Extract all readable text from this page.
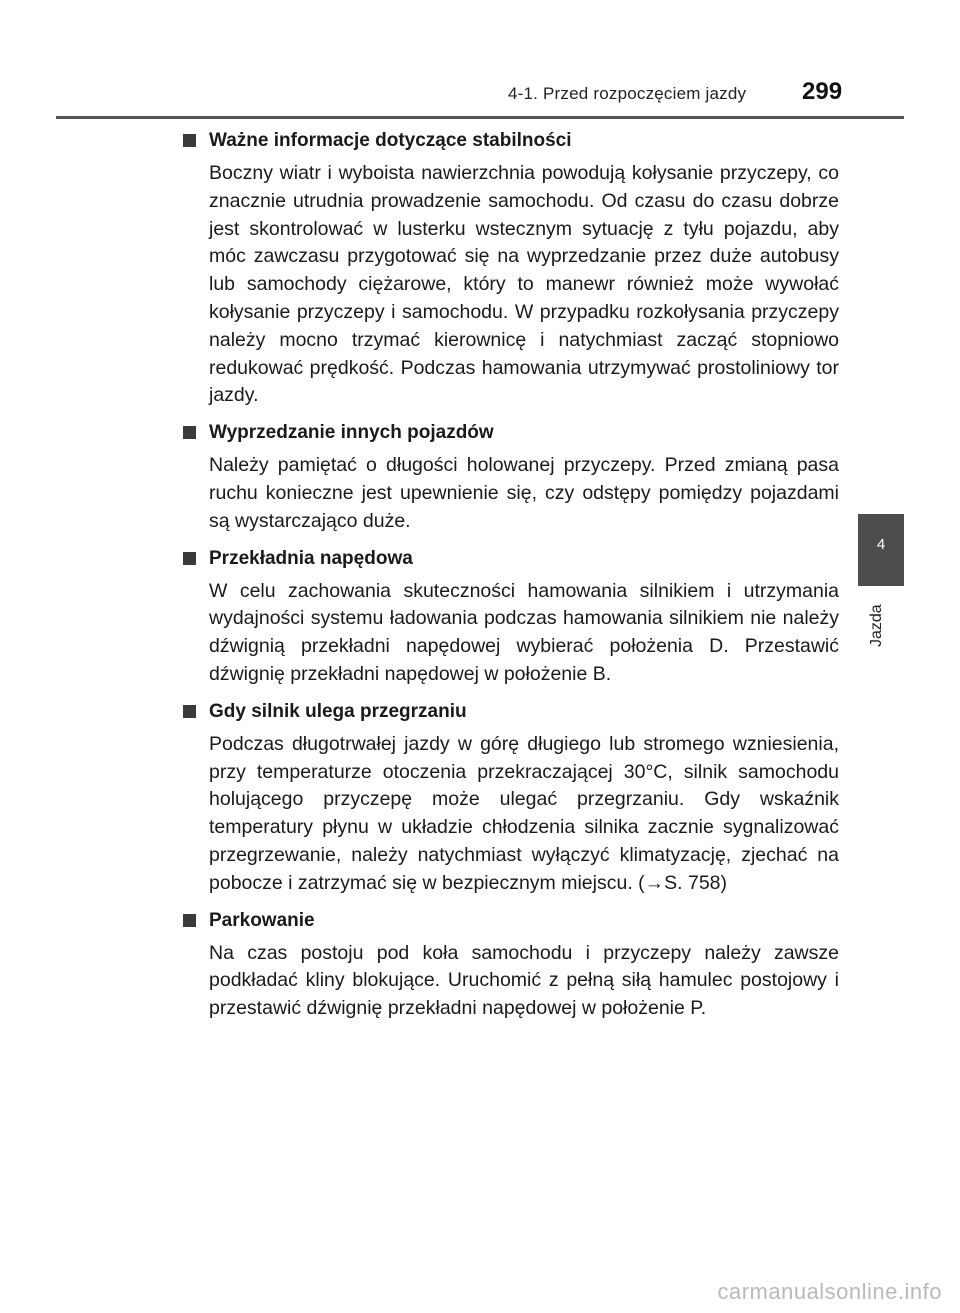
4-1. Przed rozpoczęciem jazdy 299
4
Jazda
Ważne informacje dotyczące stabilności
Boczny wiatr i wyboista nawierzchnia powodują kołysanie przyczepy, co znacznie utrudnia prowadzenie samochodu. Od czasu do czasu dobrze jest skontrolować w lusterku wstecznym sytuację z tyłu pojazdu, aby móc zawczasu przygotować się na wyprzedzanie przez duże autobusy lub samochody ciężarowe, który to manewr również może wywołać kołysanie przyczepy i samochodu. W przypadku rozkołysania przyczepy należy mocno trzymać kierownicę i natychmiast zacząć stopniowo redukować prędkość. Podczas hamowania utrzymywać prostoliniowy tor jazdy.
Wyprzedzanie innych pojazdów
Należy pamiętać o długości holowanej przyczepy. Przed zmianą pasa ruchu konieczne jest upewnienie się, czy odstępy pomiędzy pojazdami są wystarczająco duże.
Przekładnia napędowa
W celu zachowania skuteczności hamowania silnikiem i utrzymania wydajności systemu ładowania podczas hamowania silnikiem nie należy dźwignią przekładni napędowej wybierać położenia D. Przestawić dźwignię przekładni napędowej w położenie B.
Gdy silnik ulega przegrzaniu
Podczas długotrwałej jazdy w górę długiego lub stromego wzniesienia, przy temperaturze otoczenia przekraczającej 30°C, silnik samochodu holującego przyczepę może ulegać przegrzaniu. Gdy wskaźnik temperatury płynu w układzie chłodzenia silnika zacznie sygnalizować przegrzewanie, należy natychmiast wyłączyć klimatyzację, zjechać na pobocze i zatrzymać się w bezpiecznym miejscu. (→S. 758)
Parkowanie
Na czas postoju pod koła samochodu i przyczepy należy zawsze podkładać kliny blokujące. Uruchomić z pełną siłą hamulec postojowy i przestawić dźwignię przekładni napędowej w położenie P.
carmanualsonline.info
